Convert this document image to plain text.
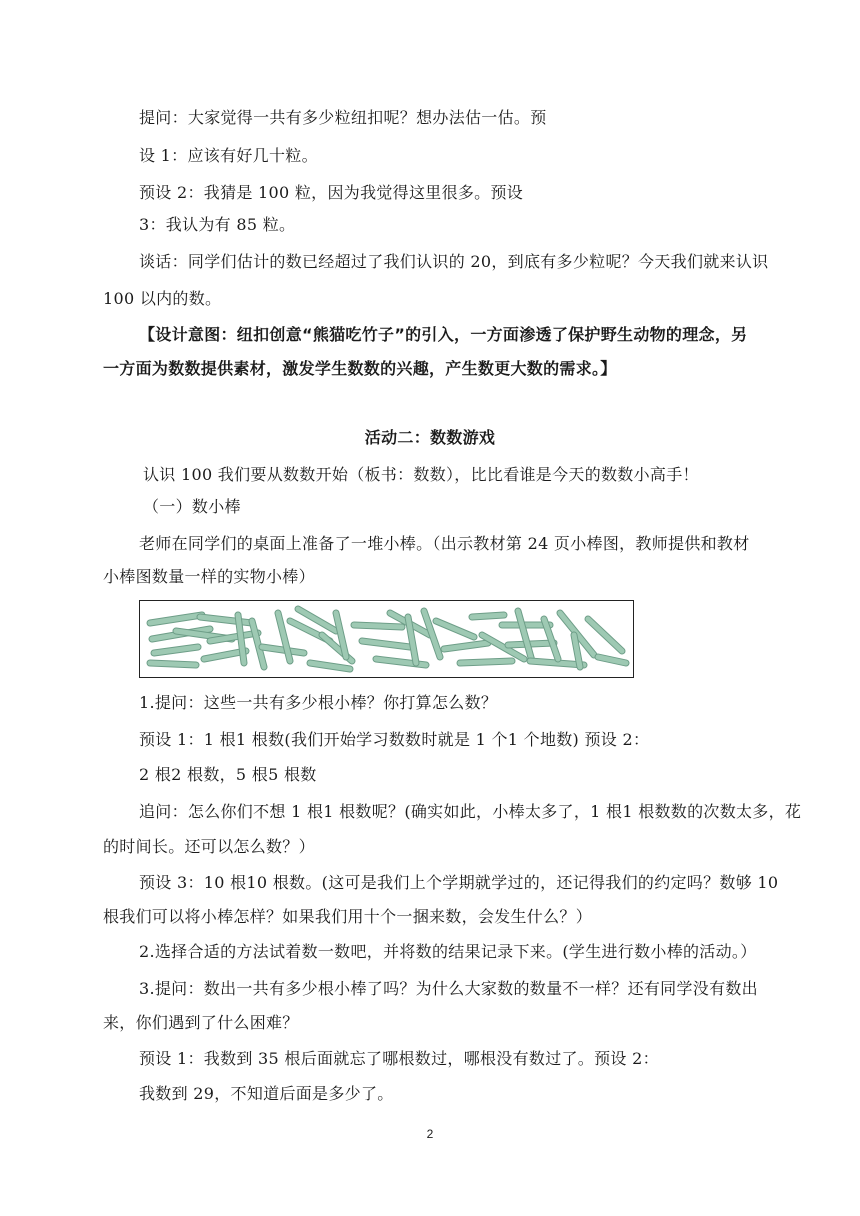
提问：大家觉得一共有多少粒纽扣呢？想办法估一估。预
设 1：应该有好几十粒。
预设 2：我猜是 100 粒，因为我觉得这里很多。预设
3：我认为有 85 粒。
谈话：同学们估计的数已经超过了我们认识的 20，到底有多少粒呢？今天我们就来认识
100 以内的数。
【设计意图：纽扣创意“熊猫吃竹子”的引入，一方面渗透了保护野生动物的理念，另
一方面为数数提供素材，激发学生数数的兴趣，产生数更大数的需求。】
活动二：数数游戏
认识 100 我们要从数数开始（板书：数数），比比看谁是今天的数数小高手！
（一）数小棒
老师在同学们的桌面上准备了一堆小棒。（出示教材第 24 页小棒图，教师提供和教材
小棒图数量一样的实物小棒）
1.提问：这些一共有多少根小棒？你打算怎么数？
预设 1：1 根1 根数(我们开始学习数数时就是 1 个1 个地数) 预设 2：
2 根2 根数，5 根5 根数
追问：怎么你们不想 1 根1 根数呢？(确实如此，小棒太多了，1 根1 根数数的次数太多，花
的时间长。还可以怎么数？）
预设 3：10 根10 根数。(这可是我们上个学期就学过的，还记得我们的约定吗？数够 10
根我们可以将小棒怎样？如果我们用十个一捆来数，会发生什么？）
2.选择合适的方法试着数一数吧，并将数的结果记录下来。(学生进行数小棒的活动。）
3.提问：数出一共有多少根小棒了吗？为什么大家数的数量不一样？还有同学没有数出
来，你们遇到了什么困难？
预设 1：我数到 35 根后面就忘了哪根数过，哪根没有数过了。预设 2：
我数到 29，不知道后面是多少了。
2
